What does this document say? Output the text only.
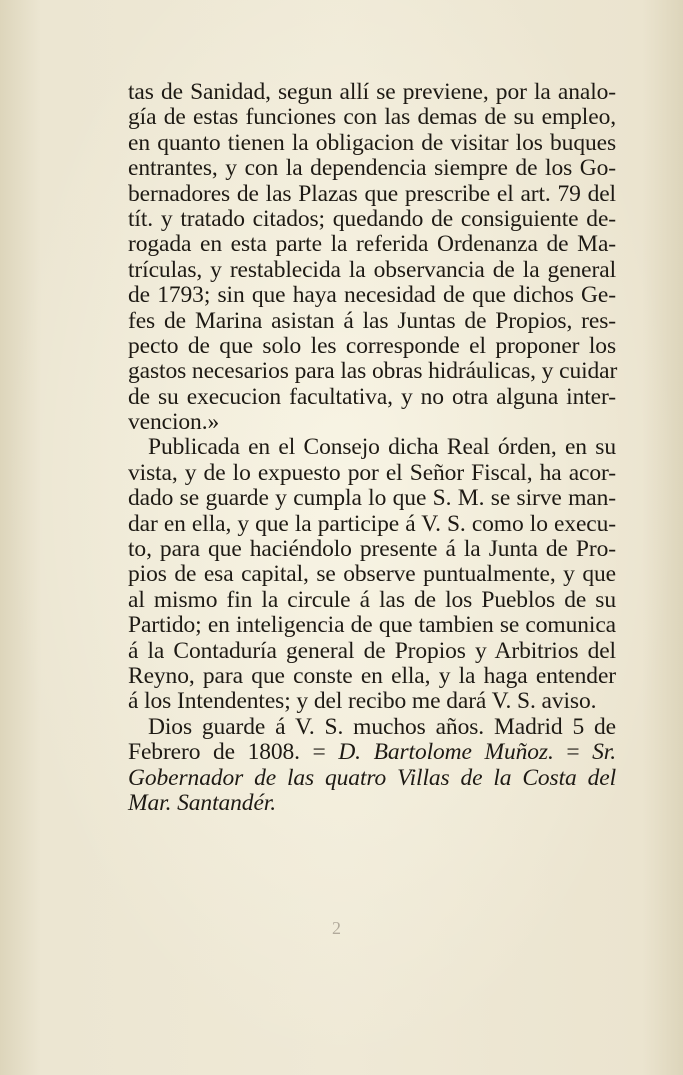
tas de Sanidad, segun allí se previene, por la analo-
gía de estas funciones con las demas de su empleo,
en quanto tienen la obligacion de visitar los buques
entrantes, y con la dependencia siempre de los Go-
bernadores de las Plazas que prescribe el art. 79 del
tít. y tratado citados; quedando de consiguiente de-
rogada en esta parte la referida Ordenanza de Ma-
trículas, y restablecida la observancia de la general
de 1793; sin que haya necesidad de que dichos Ge-
fes de Marina asistan á las Juntas de Propios, res-
pecto de que solo les corresponde el proponer los
gastos necesarios para las obras hidráulicas, y cuidar
de su execucion facultativa, y no otra alguna inter-
vencion.»
Publicada en el Consejo dicha Real órden, en su
vista, y de lo expuesto por el Señor Fiscal, ha acor-
dado se guarde y cumpla lo que S. M. se sirve man-
dar en ella, y que la participe á V. S. como lo execu-
to, para que haciéndolo presente á la Junta de Pro-
pios de esa capital, se observe puntualmente, y que
al mismo fin la circule á las de los Pueblos de su
Partido; en inteligencia de que tambien se comunica
á la Contaduría general de Propios y Arbitrios del
Reyno, para que conste en ella, y la haga entender
á los Intendentes; y del recibo me dará V. S. aviso.
Dios guarde á V. S. muchos años. Madrid 5 de
Febrero de 1808. = D. Bartolome Muñoz. = Sr.
Gobernador de las quatro Villas de la Costa del
Mar. Santandér.
2
